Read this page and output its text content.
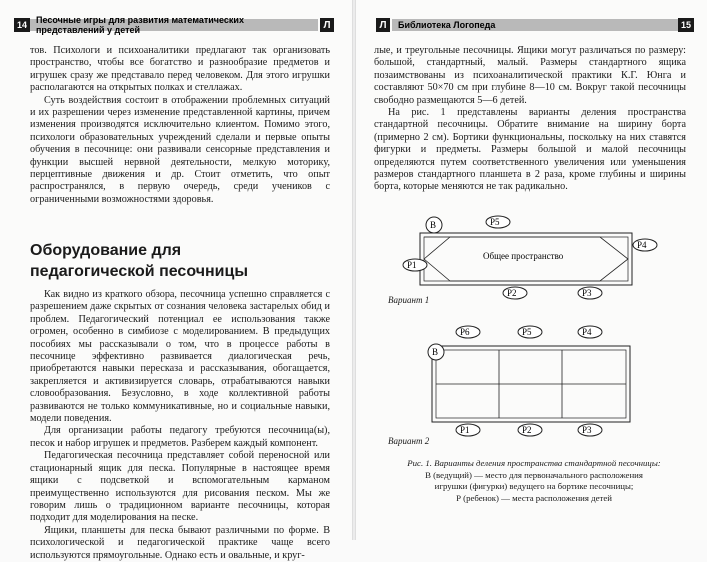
14	Песочные игры для развития математических представлений у детей	Л

тов. Психологи и психоаналитики предлагают так организовать пространство, чтобы все богатство и разнообразие предметов и игрушек сразу же представало перед человеком. Для этого игрушки располагаются на открытых полках и стеллажах.

Суть воздействия состоит в отображении проблемных ситуаций и их разрешении через изменение представленной картины, причем изменения производятся исключительно клиентом. Помимо этого, психологи образовательных учреждений сделали и первые опыты обучения в песочнице: они развивали сенсорные представления и функции высшей нервной деятельности, мелкую моторику, перцептивные движения и др. Стоит отметить, что опыт распространялся, в первую очередь, среди учеников с ограниченными возможностями здоровья.

Оборудование для педагогической песочницы

Как видно из краткого обзора, песочница успешно справляется с разрешением даже скрытых от сознания человека застарелых обид и проблем. Педагогический потенциал ее использования также огромен, особенно в симбиозе с моделированием. В предыдущих пособиях мы рассказывали о том, что в процессе работы в песочнице эффективно развивается диалогическая речь, приобретаются навыки пересказа и рассказывания, обогащается, закрепляется и активизируется словарь, отрабатываются навыки словообразования. Безусловно, в ходе коллективной работы развиваются не только коммуникативные, но и социальные навыки, модели поведения.

Для организации работы педагогу требуются песочница(ы), песок и набор игрушек и предметов. Разберем каждый компонент.

Педагогическая песочница представляет собой переносной или стационарный ящик для песка. Популярные в настоящее время ящики с подсветкой и вспомогательным карманом преимущественно используются для рисования песком. Мы же говорим лишь о традиционном варианте песочницы, которая подходит для моделирования на песке.

Ящики, планшеты для песка бывают различными по форме. В психологической и педагогической практике чаще всего используются прямоугольные. Однако есть и овальные, и круг-

Л	Библиотека Логопеда	15

лые, и треугольные песочницы. Ящики могут различаться по размеру: большой, стандартный, малый. Размеры стандартного ящика позаимствованы из психоаналитической практики К.Г. Юнга и составляют 50×70 см при глубине 8—10 см. Вокруг такой песочницы свободно размещаются 5—6 детей.

На рис. 1 представлены варианты деления пространства стандартной песочницы. Обратите внимание на ширину борта (примерно 2 см). Бортики функциональны, поскольку на них ставятся фигурки и предметы. Размеры большой и малой песочницы определяются путем соответственного увеличения или уменьшения размеров стандартного планшета в 2 раза, кроме глубины и ширины борта, которые меняются не так радикально.

В
Общее пространство
P5
P4
P1
P2	P3
Вариант 1
P6	P5	P4
В
P1	P2	P3
Вариант 2
Рис. 1. Варианты деления пространства стандартной песочницы:
В (ведущий) — место для первоначального расположения
игрушки (фигурки) ведущего на бортике песочницы;
Р (ребенок) — места расположения детей
